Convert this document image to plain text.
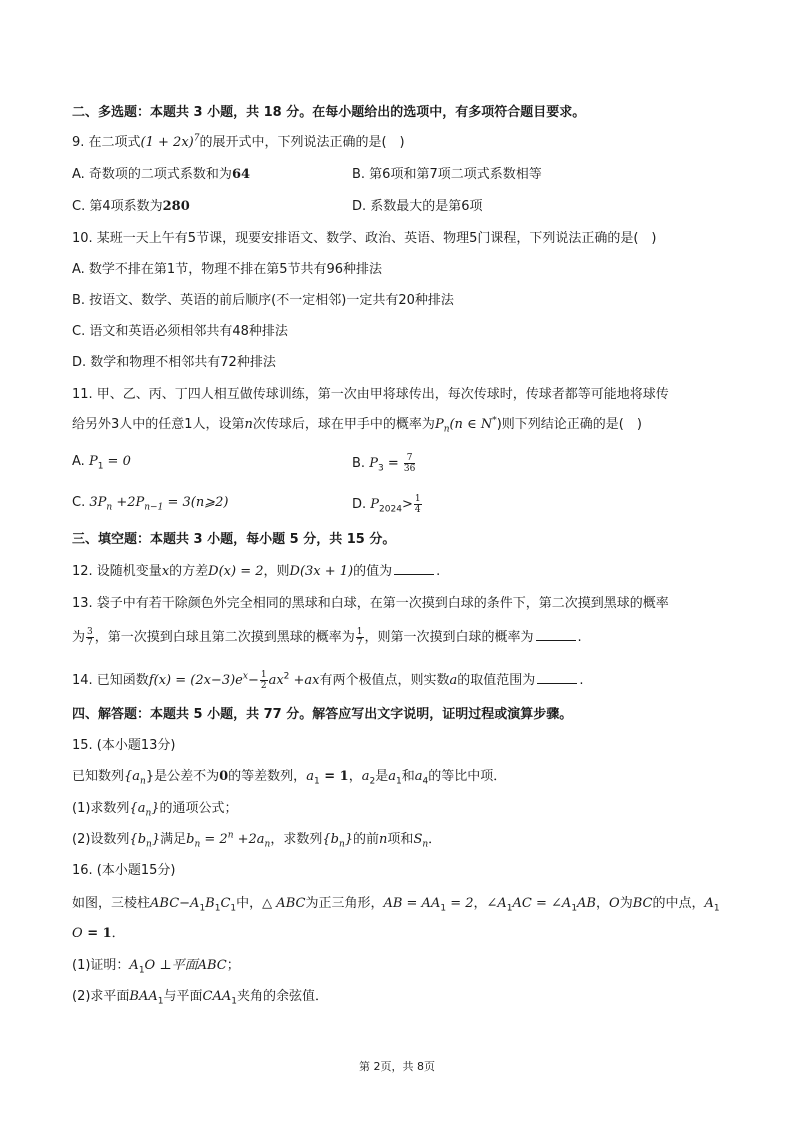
二、多选题：本题共 3 小题，共 18 分。在每小题给出的选项中，有多项符合题目要求。
9. 在二项式$(1 + 2x)^7$的展开式中，下列说法正确的是(　)
A. 奇数项的二项式系数和为64	B. 第6项和第7项二项式系数相等
C. 第4项系数为280	D. 系数最大的是第6项
10. 某班一天上午有5节课，现要安排语文、数学、政治、英语、物理5门课程，下列说法正确的是(　)
A. 数学不排在第1节，物理不排在第5节共有96种排法
B. 按语文、数学、英语的前后顺序(不一定相邻)一定共有20种排法
C. 语文和英语必须相邻共有48种排法
D. 数学和物理不相邻共有72种排法
11. 甲、乙、丙、丁四人相互做传球训练，第一次由甲将球传出，每次传球时，传球者都等可能地将球传
给另外3人中的任意1人，设第n次传球后，球在甲手中的概率为$P_n(n$ ∈ N*)则下列结论正确的是(　)
A. $P_1 = 0$	B. $P_3 = \frac{7}{36}$
C. $3P_n +2P_{n-1}$ = 3(n⩾2)	D. $P_{2024}> \frac{1}{4}$
三、填空题：本题共 3 小题，每小题 5 分，共 15 分。
12. 设随机变量x的方差D(x) = 2，则D(3x + 1)的值为	.
13. 袋子中有若干除颜色外完全相同的黑球和白球，在第一次摸到白球的条件下，第二次摸到黑球的概率
为 $\frac{3}{7}$ ，第一次摸到白球且第二次摸到黑球的概率为 $\frac{1}{7}$ ，则第一次摸到白球的概率为	.
14. 已知函数$f(x) = (2x-3)e^x- \frac{1}{2} ax^2 +ax$有两个极值点，则实数a的取值范围为	.
四、解答题：本题共 5 小题，共 77 分。解答应写出文字说明，证明过程或演算步骤。
15. (本小题13分)
已知数列$\{a_n\}$是公差不为0的等差数列，$a_1 = 1$，$a_2$是$a_1$和$a_4$的等比中项．
(1)求数列$\{a_n\}$的通项公式；
(2)设数列$\{b_n\}$满足$b_n = 2^n +2a_n$，求数列$\{b_n\}$的前n项和$S_n$．
16. (本小题15分)
如图，三棱柱$ABC-A_1B_1C_1$中，△ ABC为正三角形，AB = $AA_1 = 2$，$\angle A_1AC$ = $\angle A_1AB$，O为BC的中点，$A_1$
O = 1．
(1)证明：$A_1O$ ⊥平面ABC；
(2)求平面$BAA_1$与平面$CAA_1$夹角的余弦值．
第 2页，共 8页
